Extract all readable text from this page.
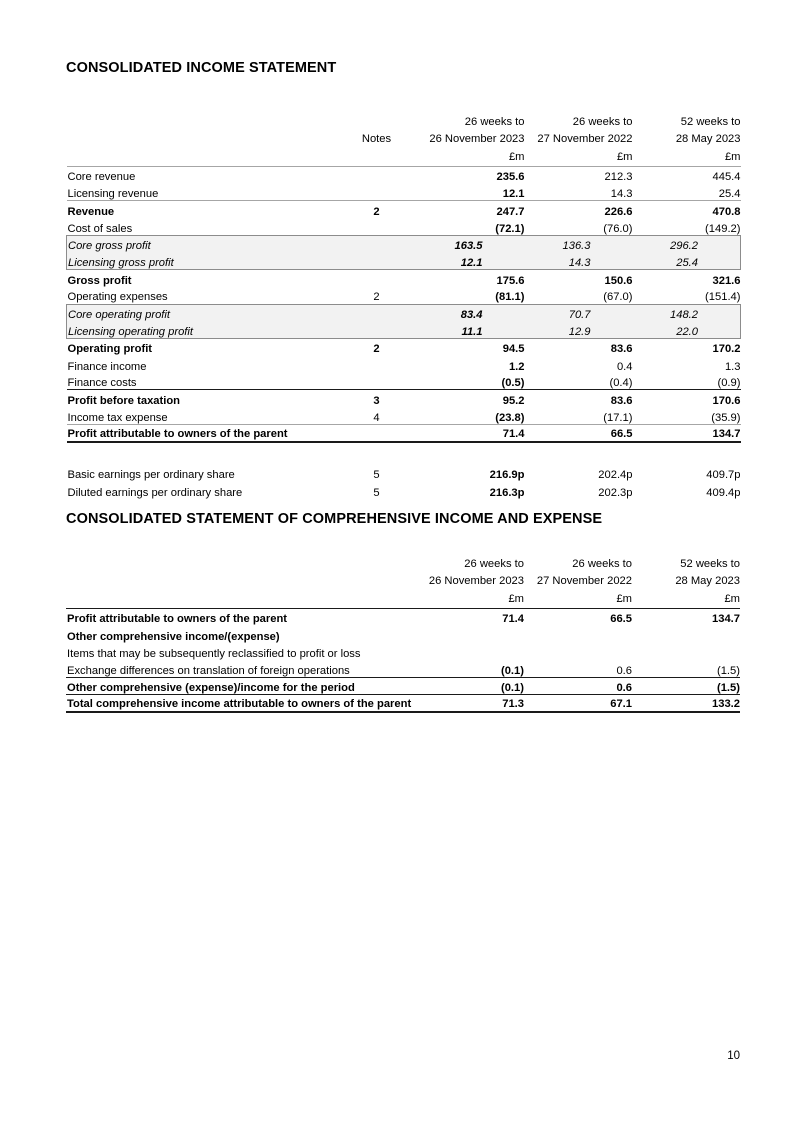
CONSOLIDATED INCOME STATEMENT
		26 weeks to	26 weeks to	52 weeks to
	Notes	26 November 2023	27 November 2022	28 May 2023
		£m	£m	£m
Core revenue		235.6	212.3	445.4
Licensing revenue		12.1	14.3	25.4
Revenue	2	247.7	226.6	470.8
Cost of sales		(72.1)	(76.0)	(149.2)
Core gross profit		163.5	136.3	296.2
Licensing gross profit		12.1	14.3	25.4
Gross profit		175.6	150.6	321.6
Operating expenses	2	(81.1)	(67.0)	(151.4)
Core operating profit		83.4	70.7	148.2
Licensing operating profit		11.1	12.9	22.0
Operating profit	2	94.5	83.6	170.2
Finance income		1.2	0.4	1.3
Finance costs		(0.5)	(0.4)	(0.9)
Profit before taxation	3	95.2	83.6	170.6
Income tax expense	4	(23.8)	(17.1)	(35.9)
Profit attributable to owners of the parent		71.4	66.5	134.7

Basic earnings per ordinary share	5	216.9p	202.4p	409.7p
Diluted earnings per ordinary share	5	216.3p	202.3p	409.4p
CONSOLIDATED STATEMENT OF COMPREHENSIVE INCOME AND EXPENSE
	26 weeks to	26 weeks to	52 weeks to
	26 November 2023	27 November 2022	28 May 2023
	£m	£m	£m
Profit attributable to owners of the parent	71.4	66.5	134.7
Other comprehensive income/(expense)			
Items that may be subsequently reclassified to profit or loss			
Exchange differences on translation of foreign operations	(0.1)	0.6	(1.5)
Other comprehensive (expense)/income for the period	(0.1)	0.6	(1.5)
Total comprehensive income attributable to owners of the parent	71.3	67.1	133.2
10
